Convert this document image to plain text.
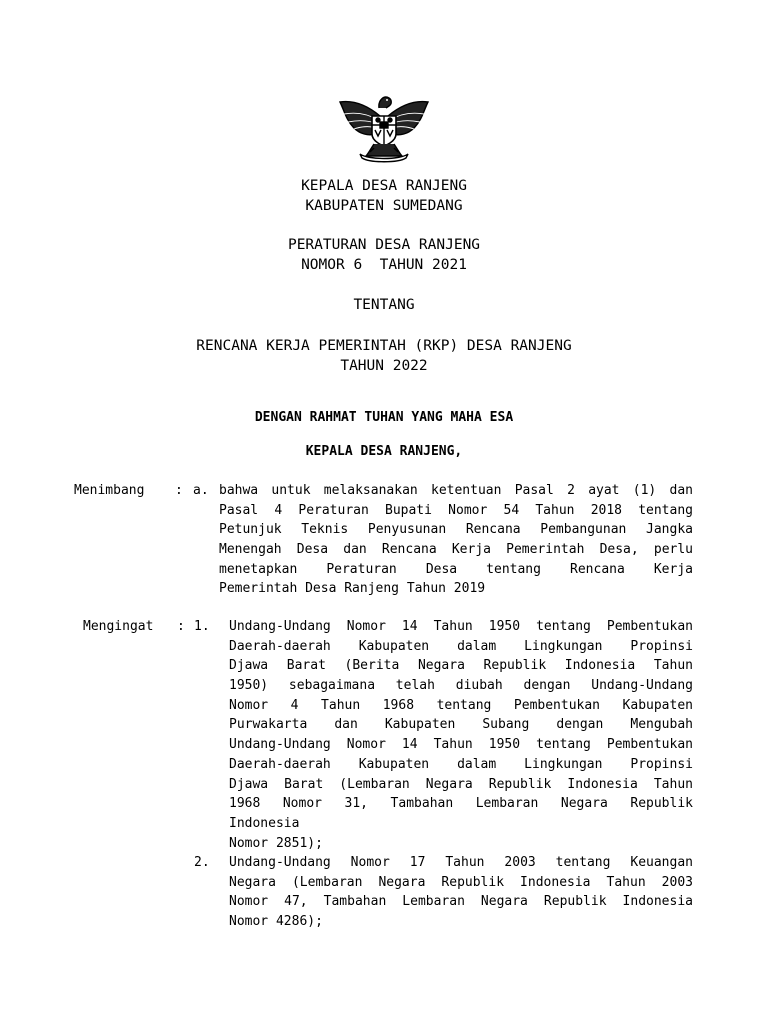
KEPALA DESA RANJENG
KABUPATEN SUMEDANG
PERATURAN DESA RANJENG
NOMOR 6  TAHUN 2021
TENTANG
RENCANA KERJA PEMERINTAH (RKP) DESA RANJENG
TAHUN 2022
DENGAN RAHMAT TUHAN YANG MAHA ESA
KEPALA DESA RANJENG,
Menimbang : a. bahwa untuk melaksanakan ketentuan Pasal 2 ayat (1) dan
Pasal 4 Peraturan Bupati Nomor 54 Tahun 2018 tentang
Petunjuk Teknis Penyusunan Rencana Pembangunan Jangka
Menengah Desa dan Rencana Kerja Pemerintah Desa, perlu
menetapkan Peraturan Desa tentang Rencana Kerja
Pemerintah Desa Ranjeng Tahun 2019
Mengingat : 1. Undang-Undang Nomor 14 Tahun 1950 tentang Pembentukan
Daerah-daerah Kabupaten dalam Lingkungan Propinsi
Djawa Barat (Berita Negara Republik Indonesia Tahun
1950) sebagaimana telah diubah dengan Undang-Undang
Nomor 4 Tahun 1968 tentang Pembentukan Kabupaten
Purwakarta dan Kabupaten Subang dengan Mengubah
Undang-Undang Nomor 14 Tahun 1950 tentang Pembentukan
Daerah-daerah Kabupaten dalam Lingkungan Propinsi
Djawa Barat (Lembaran Negara Republik Indonesia Tahun
1968 Nomor 31, Tambahan Lembaran Negara Republik
Indonesia
Nomor 2851);
2. Undang-Undang Nomor 17 Tahun 2003 tentang Keuangan
Negara (Lembaran Negara Republik Indonesia Tahun 2003
Nomor 47, Tambahan Lembaran Negara Republik Indonesia
Nomor 4286);
